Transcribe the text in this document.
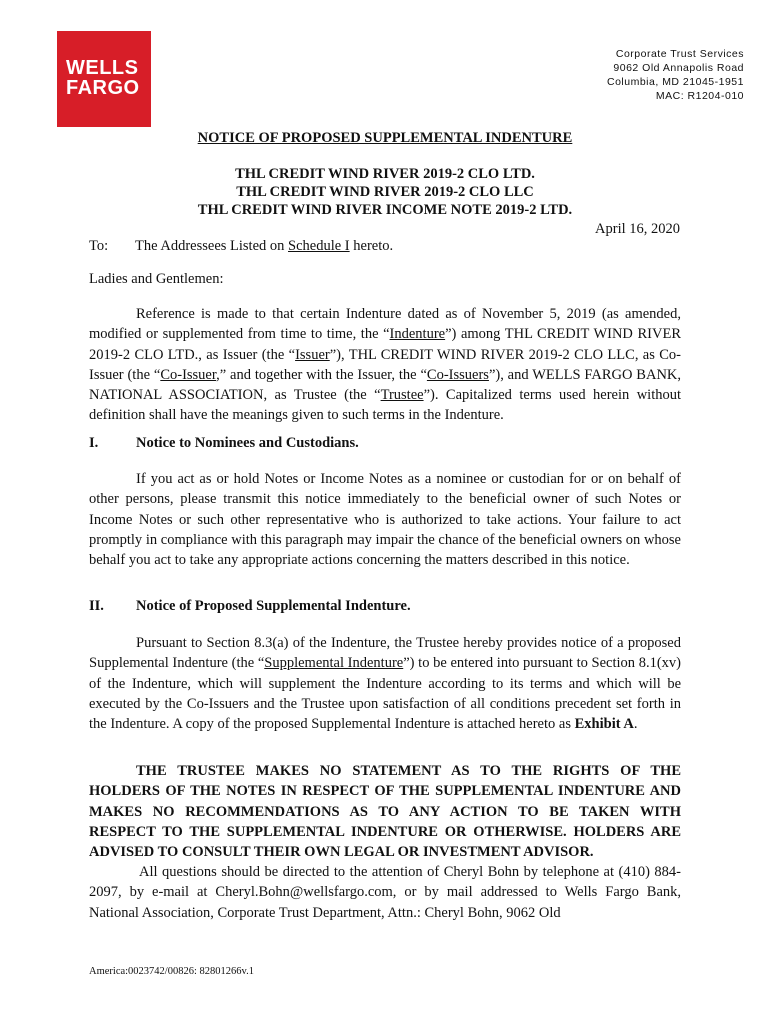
WELLS
FARGO
Corporate Trust Services
9062 Old Annapolis Road
Columbia, MD 21045-1951
MAC: R1204-010
NOTICE OF PROPOSED SUPPLEMENTAL INDENTURE
THL CREDIT WIND RIVER 2019-2 CLO LTD.
THL CREDIT WIND RIVER 2019-2 CLO LLC
THL CREDIT WIND RIVER INCOME NOTE 2019-2 LTD.
April 16, 2020
To: The Addressees Listed on Schedule I hereto.
Ladies and Gentlemen:
Reference is made to that certain Indenture dated as of November 5, 2019 (as amended, modified or supplemented from time to time, the “Indenture”) among THL CREDIT WIND RIVER 2019-2 CLO LTD., as Issuer (the “Issuer”), THL CREDIT WIND RIVER 2019-2 CLO LLC, as Co-Issuer (the “Co-Issuer,” and together with the Issuer, the “Co-Issuers”), and WELLS FARGO BANK, NATIONAL ASSOCIATION, as Trustee (the “Trustee”). Capitalized terms used herein without definition shall have the meanings given to such terms in the Indenture.
I.	Notice to Nominees and Custodians.
If you act as or hold Notes or Income Notes as a nominee or custodian for or on behalf of other persons, please transmit this notice immediately to the beneficial owner of such Notes or Income Notes or such other representative who is authorized to take actions. Your failure to act promptly in compliance with this paragraph may impair the chance of the beneficial owners on whose behalf you act to take any appropriate actions concerning the matters described in this notice.
II. Notice of Proposed Supplemental Indenture.
Pursuant to Section 8.3(a) of the Indenture, the Trustee hereby provides notice of a proposed Supplemental Indenture (the “Supplemental Indenture”) to be entered into pursuant to Section 8.1(xv) of the Indenture, which will supplement the Indenture according to its terms and which will be executed by the Co-Issuers and the Trustee upon satisfaction of all conditions precedent set forth in the Indenture. A copy of the proposed Supplemental Indenture is attached hereto as Exhibit A.
THE TRUSTEE MAKES NO STATEMENT AS TO THE RIGHTS OF THE HOLDERS OF THE NOTES IN RESPECT OF THE SUPPLEMENTAL INDENTURE AND MAKES NO RECOMMENDATIONS AS TO ANY ACTION TO BE TAKEN WITH RESPECT TO THE SUPPLEMENTAL INDENTURE OR OTHERWISE. HOLDERS ARE ADVISED TO CONSULT THEIR OWN LEGAL OR INVESTMENT ADVISOR.
All questions should be directed to the attention of Cheryl Bohn by telephone at (410) 884- 2097, by e-mail at Cheryl.Bohn@wellsfargo.com, or by mail addressed to Wells Fargo Bank, National Association, Corporate Trust Department, Attn.: Cheryl Bohn, 9062 Old
America:0023742/00826: 82801266v.1
